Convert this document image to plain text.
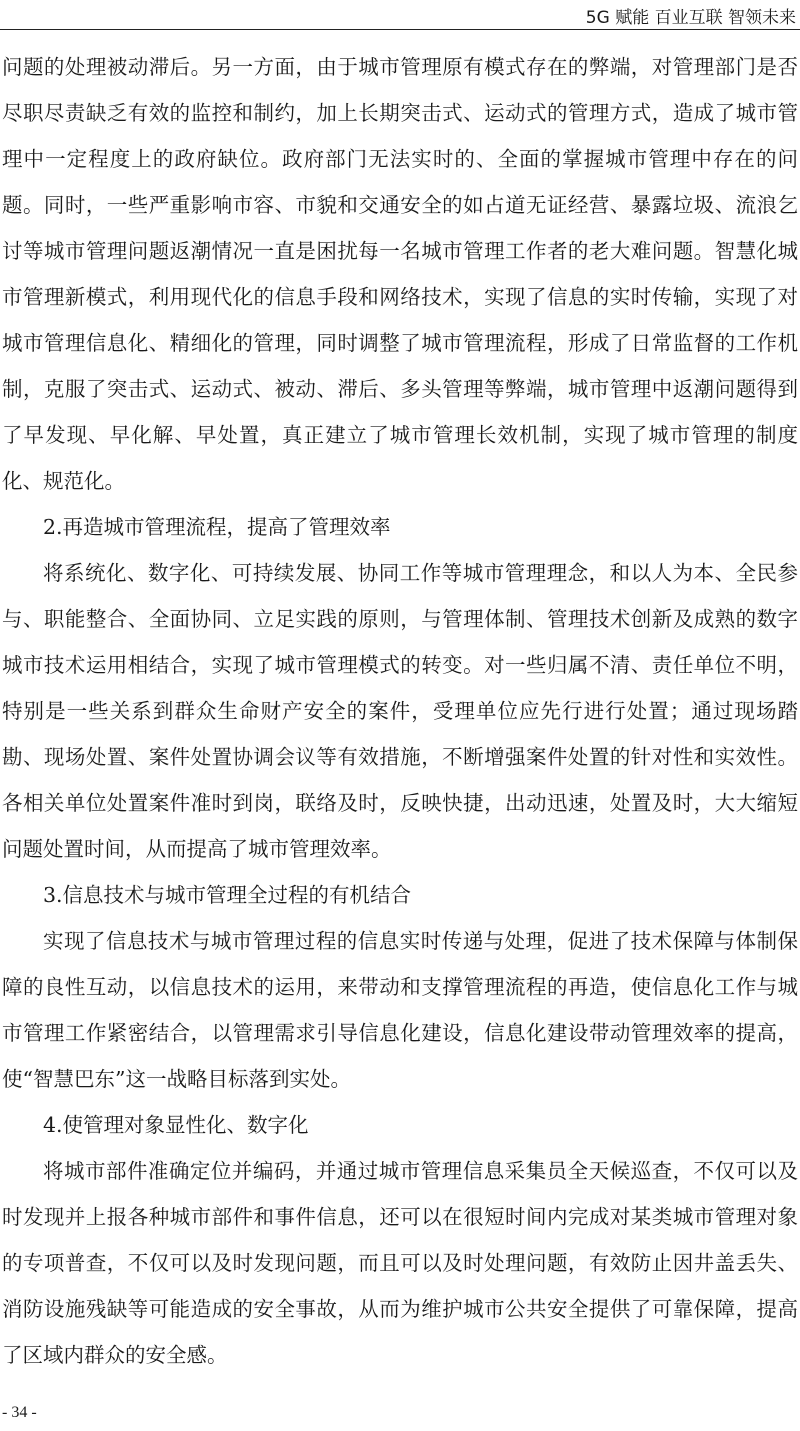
5G 赋能 百业互联 智领未来

问题的处理被动滞后。另一方面，由于城市管理原有模式存在的弊端，对管理部门是否尽职尽责缺乏有效的监控和制约，加上长期突击式、运动式的管理方式，造成了城市管理中一定程度上的政府缺位。政府部门无法实时的、全面的掌握城市管理中存在的问题。同时，一些严重影响市容、市貌和交通安全的如占道无证经营、暴露垃圾、流浪乞讨等城市管理问题返潮情况一直是困扰每一名城市管理工作者的老大难问题。智慧化城市管理新模式，利用现代化的信息手段和网络技术，实现了信息的实时传输，实现了对城市管理信息化、精细化的管理，同时调整了城市管理流程，形成了日常监督的工作机制，克服了突击式、运动式、被动、滞后、多头管理等弊端，城市管理中返潮问题得到了早发现、早化解、早处置，真正建立了城市管理长效机制，实现了城市管理的制度化、规范化。

2.再造城市管理流程，提高了管理效率

将系统化、数字化、可持续发展、协同工作等城市管理理念，和以人为本、全民参与、职能整合、全面协同、立足实践的原则，与管理体制、管理技术创新及成熟的数字城市技术运用相结合，实现了城市管理模式的转变。对一些归属不清、责任单位不明，特别是一些关系到群众生命财产安全的案件，受理单位应先行进行处置；通过现场踏勘、现场处置、案件处置协调会议等有效措施，不断增强案件处置的针对性和实效性。各相关单位处置案件准时到岗，联络及时，反映快捷，出动迅速，处置及时，大大缩短问题处置时间，从而提高了城市管理效率。

3.信息技术与城市管理全过程的有机结合

实现了信息技术与城市管理过程的信息实时传递与处理，促进了技术保障与体制保障的良性互动，以信息技术的运用，来带动和支撑管理流程的再造，使信息化工作与城市管理工作紧密结合，以管理需求引导信息化建设，信息化建设带动管理效率的提高，使“智慧巴东”这一战略目标落到实处。

4.使管理对象显性化、数字化

将城市部件准确定位并编码，并通过城市管理信息采集员全天候巡查，不仅可以及时发现并上报各种城市部件和事件信息，还可以在很短时间内完成对某类城市管理对象的专项普查，不仅可以及时发现问题，而且可以及时处理问题，有效防止因井盖丢失、消防设施残缺等可能造成的安全事故，从而为维护城市公共安全提供了可靠保障，提高了区域内群众的安全感。

- 34 -
